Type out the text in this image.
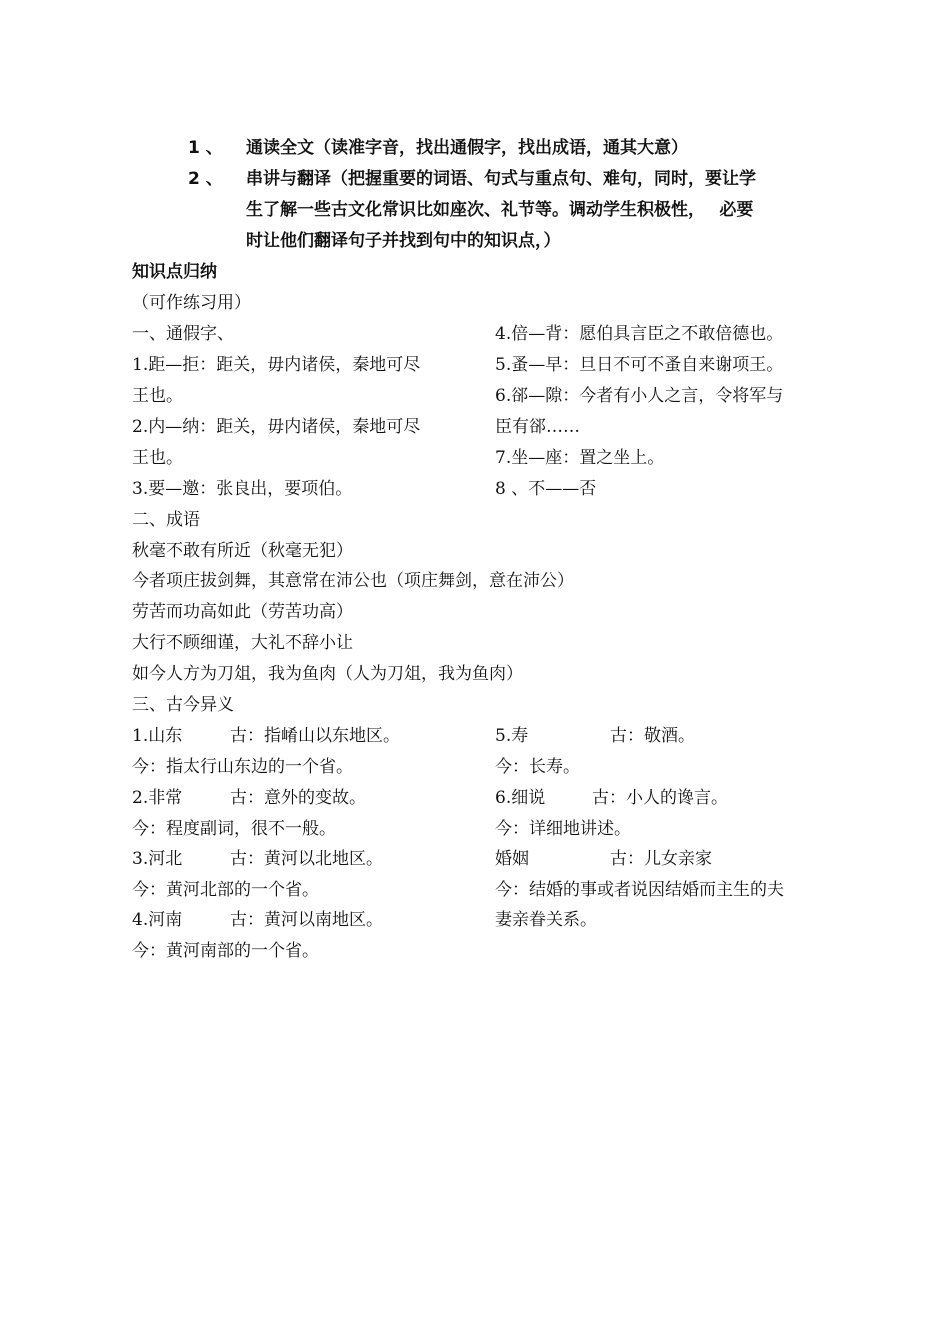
1 、 通读全文（读准字音，找出通假字，找出成语，通其大意）
2 、 串讲与翻译（把握重要的词语、句式与重点句、难句，同时，要让学
生了解一些古文化常识比如座次、礼节等。调动学生积极性，　 必要
时让他们翻译句子并找到句中的知识点，）
知识点归纳
（可作练习用）
一、通假字、
1.距—拒：距关，毋内诸侯，秦地可尽
王也。
2.内—纳：距关，毋内诸侯，秦地可尽
王也。
3.要—邀：张良出，要项伯。
4.倍—背：愿伯具言臣之不敢倍德也。
5.蚤—早：旦日不可不蚤自来谢项王。
6.郤—隙：今者有小人之言，令将军与
臣有郤……
7.坐—座：置之坐上。
8 、不——否
二、成语
秋毫不敢有所近（秋毫无犯）
今者项庄拔剑舞，其意常在沛公也（项庄舞剑，意在沛公）
劳苦而功高如此（劳苦功高）
大行不顾细谨，大礼不辞小让
如今人方为刀俎，我为鱼肉（人为刀俎，我为鱼肉）
三、古今异义
1.山东	古：指崤山以东地区。
今：指太行山东边的一个省。
2.非常	古：意外的变故。
今：程度副词，很不一般。
3.河北	古：黄河以北地区。
今：黄河北部的一个省。
4.河南	古：黄河以南地区。
今：黄河南部的一个省。
5.寿	古：敬酒。
今：长寿。
6.细说	古：小人的谗言。
今：详细地讲述。
婚姻	古：儿女亲家
今：结婚的事或者说因结婚而主生的夫
妻亲眷关系。
